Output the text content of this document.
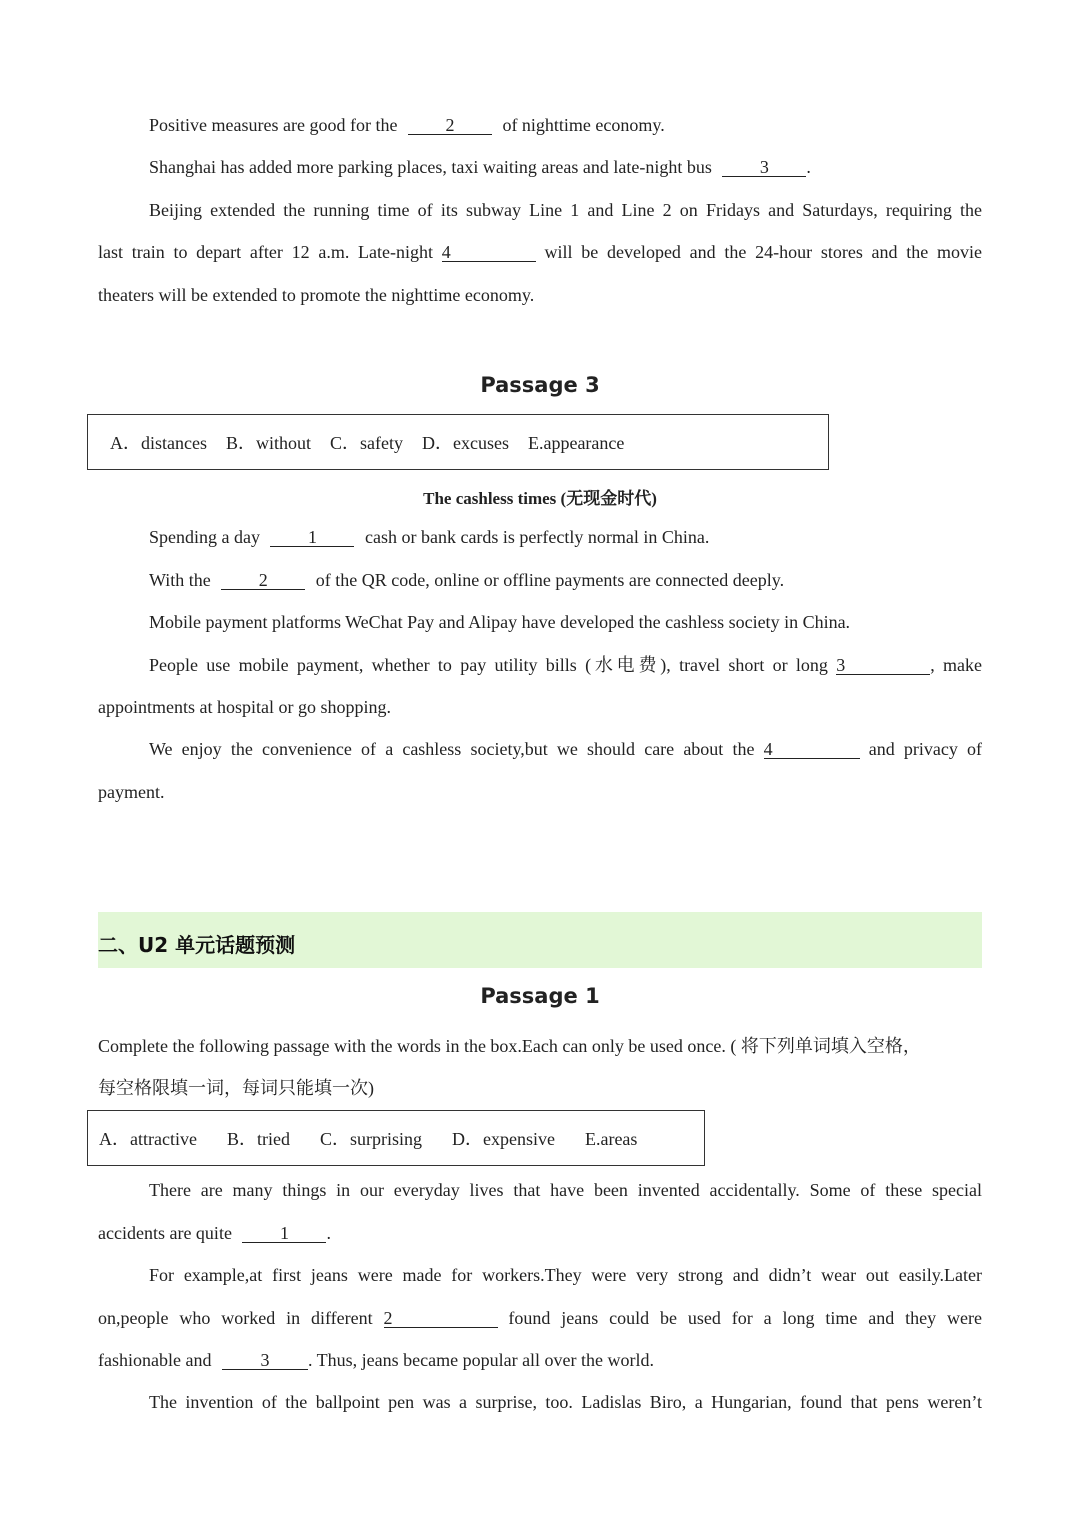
Positive measures are good for the	2	of nighttime economy.
Shanghai has added more parking places, taxi waiting areas and late-night bus	3 .
Beijing extended the running time of its subway Line 1 and Line 2 on Fridays and Saturdays, requiring the
last train to depart after 12 a.m. Late-night 4	will be developed and the 24-hour stores and the movie
theaters will be extended to promote the nighttime economy.
Passage 3
A．distances B．without C．safety D．excuses E.appearance
The cashless times (无现金时代)
Spending a day	1	cash or bank cards is perfectly normal in China.
With the	2	of the QR code, online or offline payments are connected deeply.
Mobile payment platforms WeChat Pay and Alipay have developed the cashless society in China.
People use mobile payment, whether to pay utility bills (水电费), travel short or long 3	, make
appointments at hospital or go shopping.
We enjoy the convenience of a cashless society,but we should care about the 4	and privacy of
payment.
二、U2 单元话题预测
Passage 1
Complete the following passage with the words in the box.Each can only be used once. ( 将下列单词填入空格，
每空格限填一词，每词只能填一次)
A．attractive B．tried C．surprising D．expensive E.areas
There are many things in our everyday lives that have been invented accidentally. Some of these special
accidents are quite	1 .
For example,at first jeans were made for workers.They were very strong and didn’t wear out easily.Later
on,people who worked in different 2	found jeans could be used for a long time and they were
fashionable and	3 . Thus, jeans became popular all over the world.
The invention of the ballpoint pen was a surprise, too. Ladislas Biro, a Hungarian, found that pens weren’t
